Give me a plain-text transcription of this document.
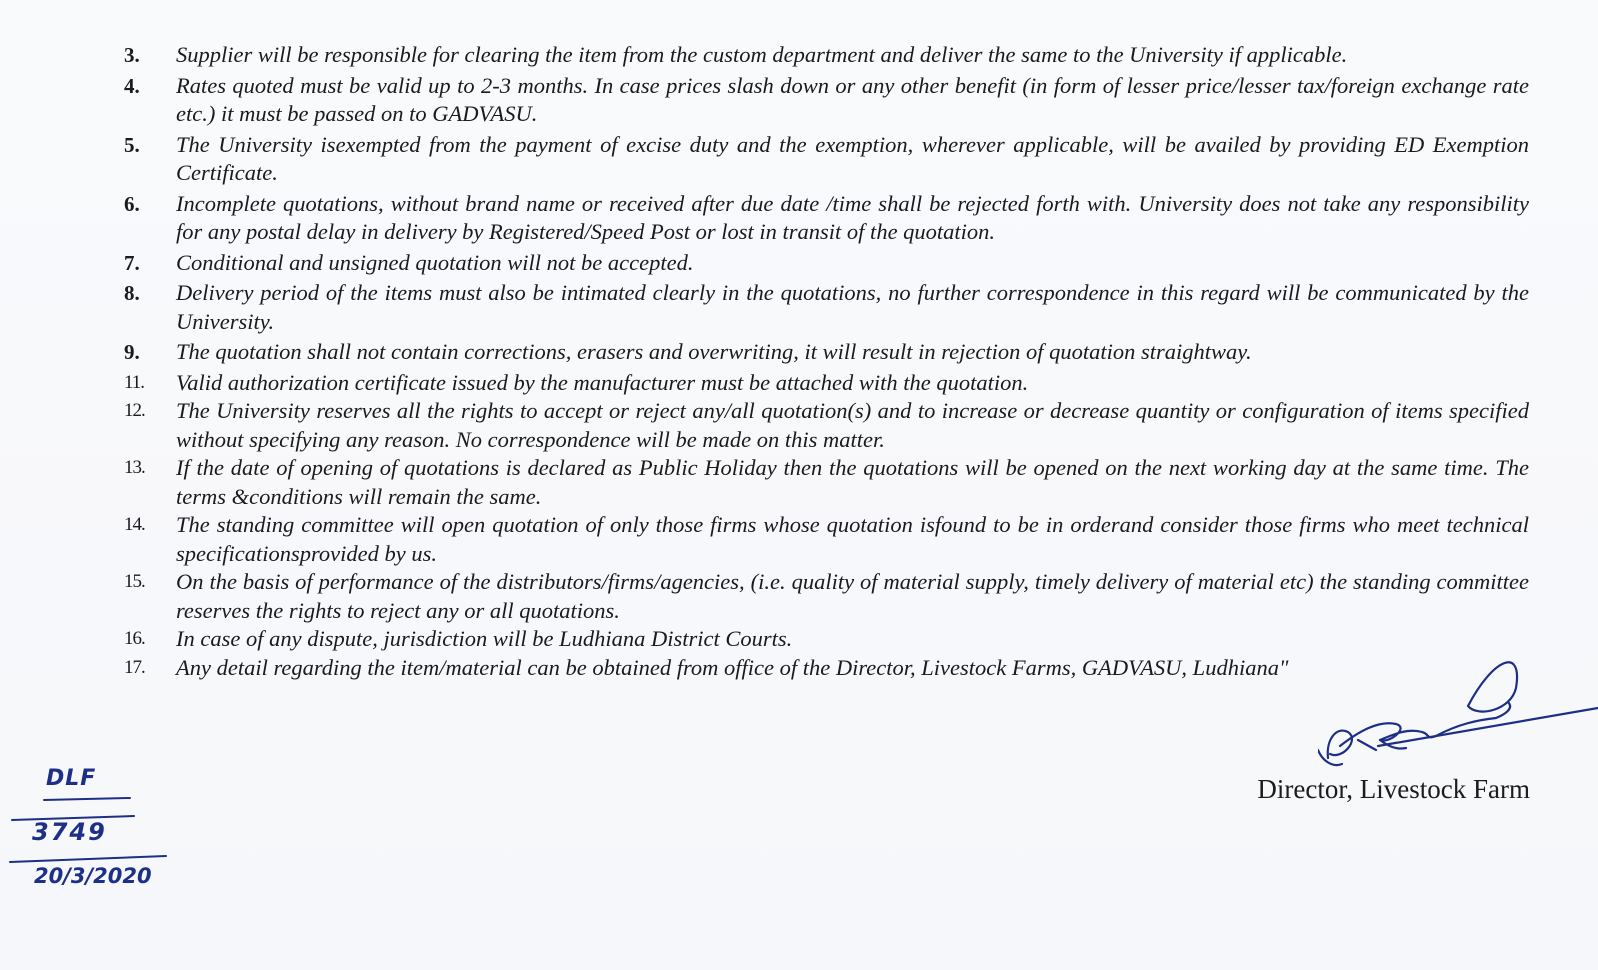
3.	Supplier will be responsible for clearing the item from the custom department and deliver the same to the University if applicable.
4.	Rates quoted must be valid up to 2-3 months. In case prices slash down or any other benefit (in form of lesser price/lesser tax/foreign exchange rate etc.) it must be passed on to GADVASU.
5.	The University isexempted from the payment of excise duty and the exemption, wherever applicable, will be availed by providing ED Exemption Certificate.
6.	Incomplete quotations, without brand name or received after due date /time shall be rejected forth with. University does not take any responsibility for any postal delay in delivery by Registered/Speed Post or lost in transit of the quotation.
7.	Conditional and unsigned quotation will not be accepted.
8.	Delivery period of the items must also be intimated clearly in the quotations, no further correspondence in this regard will be communicated by the University.
9.	The quotation shall not contain corrections, erasers and overwriting, it will result in rejection of quotation straightway.
11.	Valid authorization certificate issued by the manufacturer must be attached with the quotation.
12.	The University reserves all the rights to accept or reject any/all quotation(s) and to increase or decrease quantity or configuration of items specified without specifying any reason. No correspondence will be made on this matter.
13.	If the date of opening of quotations is declared as Public Holiday then the quotations will be opened on the next working day at the same time. The terms &conditions will remain the same.
14.	The standing committee will open quotation of only those firms whose quotation isfound to be in orderand consider those firms who meet technical specificationsprovided by us.
15.	On the basis of performance of the distributors/firms/agencies, (i.e. quality of material supply, timely delivery of material etc) the standing committee reserves the rights to reject any or all quotations.
16.	In case of any dispute, jurisdiction will be Ludhiana District Courts.
17.	Any detail regarding the item/material can be obtained from office of the Director, Livestock Farms, GADVASU, Ludhiana"
Director, Livestock Farm
DLF
3749
20/3/2020
